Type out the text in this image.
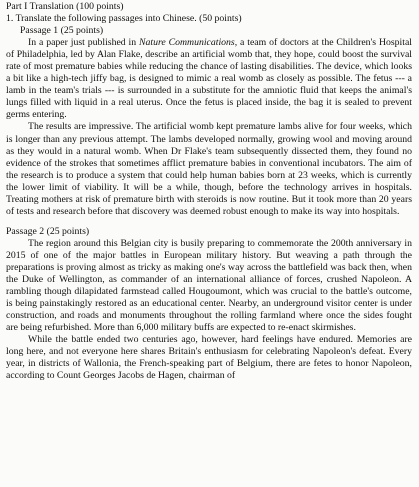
Part I Translation (100 points)

1. Translate the following passages into Chinese. (50 points)

Passage 1 (25 points)

In a paper just published in Nature Communications, a team of doctors at the Children's Hospital of Philadelphia, led by Alan Flake, describe an artificial womb that, they hope, could boost the survival rate of most premature babies while reducing the chance of lasting disabilities. The device, which looks a bit like a high-tech jiffy bag, is designed to mimic a real womb as closely as possible. The fetus --- a lamb in the team's trials --- is surrounded in a substitute for the amniotic fluid that keeps the animal's lungs filled with liquid in a real uterus. Once the fetus is placed inside, the bag it is sealed to prevent germs entering.

The results are impressive. The artificial womb kept premature lambs alive for four weeks, which is longer than any previous attempt. The lambs developed normally, growing wool and moving around as they would in a natural womb. When Dr Flake's team subsequently dissected them, they found no evidence of the strokes that sometimes afflict premature babies in conventional incubators. The aim of the research is to produce a system that could help human babies born at 23 weeks, which is currently the lower limit of viability. It will be a while, though, before the technology arrives in hospitals. Treating mothers at risk of premature birth with steroids is now routine. But it took more than 20 years of tests and research before that discovery was deemed robust enough to make its way into hospitals.

Passage 2 (25 points)

The region around this Belgian city is busily preparing to commemorate the 200th anniversary in 2015 of one of the major battles in European military history. But weaving a path through the preparations is proving almost as tricky as making one's way across the battlefield was back then, when the Duke of Wellington, as commander of an international alliance of forces, crushed Napoleon. A rambling though dilapidated farmstead called Hougoumont, which was crucial to the battle's outcome, is being painstakingly restored as an educational center. Nearby, an underground visitor center is under construction, and roads and monuments throughout the rolling farmland where once the sides fought are being refurbished. More than 6,000 military buffs are expected to re-enact skirmishes.

While the battle ended two centuries ago, however, hard feelings have endured. Memories are long here, and not everyone here shares Britain's enthusiasm for celebrating Napoleon's defeat. Every year, in districts of Wallonia, the French-speaking part of Belgium, there are fetes to honor Napoleon, according to Count Georges Jacobs de Hagen, chairman of
